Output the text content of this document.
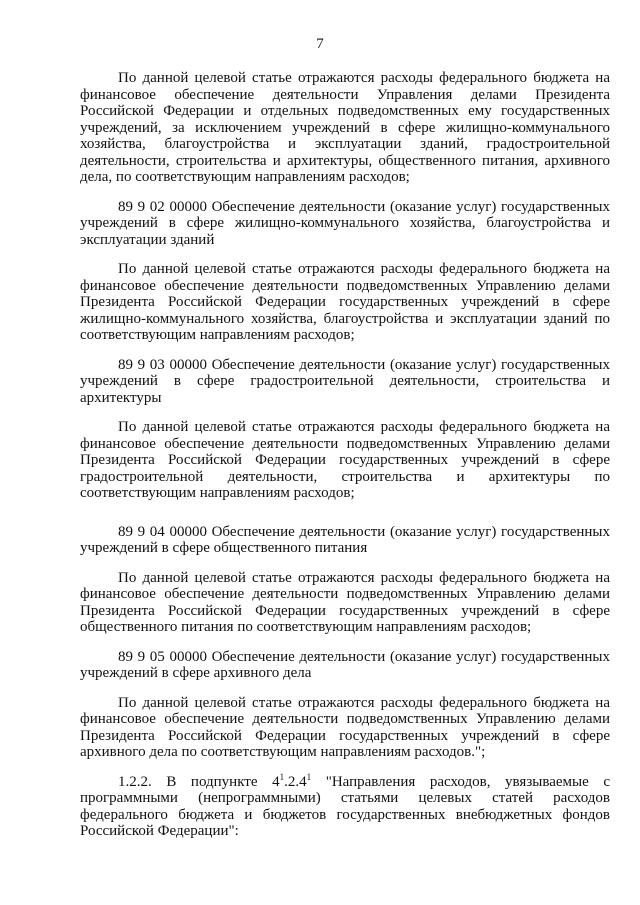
7

По данной целевой статье отражаются расходы федерального бюджета на финансовое обеспечение деятельности Управления делами Президента Российской Федерации и отдельных подведомственных ему государственных учреждений, за исключением учреждений в сфере жилищно-коммунального хозяйства, благоустройства и эксплуатации зданий, градостроительной деятельности, строительства и архитектуры, общественного питания, архивного дела, по соответствующим направлениям расходов;

89 9 02 00000 Обеспечение деятельности (оказание услуг) государственных учреждений в сфере жилищно-коммунального хозяйства, благоустройства и эксплуатации зданий

По данной целевой статье отражаются расходы федерального бюджета на финансовое обеспечение деятельности подведомственных Управлению делами Президента Российской Федерации государственных учреждений в сфере жилищно-коммунального хозяйства, благоустройства и эксплуатации зданий по соответствующим направлениям расходов;

89 9 03 00000 Обеспечение деятельности (оказание услуг) государственных учреждений в сфере градостроительной деятельности, строительства и архитектуры

По данной целевой статье отражаются расходы федерального бюджета на финансовое обеспечение деятельности подведомственных Управлению делами Президента Российской Федерации государственных учреждений в сфере градостроительной деятельности, строительства и архитектуры по соответствующим направлениям расходов;

89 9 04 00000 Обеспечение деятельности (оказание услуг) государственных учреждений в сфере общественного питания

По данной целевой статье отражаются расходы федерального бюджета на финансовое обеспечение деятельности подведомственных Управлению делами Президента Российской Федерации государственных учреждений в сфере общественного питания по соответствующим направлениям расходов;

89 9 05 00000 Обеспечение деятельности (оказание услуг) государственных учреждений в сфере архивного дела

По данной целевой статье отражаются расходы федерального бюджета на финансовое обеспечение деятельности подведомственных Управлению делами Президента Российской Федерации государственных учреждений в сфере архивного дела по соответствующим направлениям расходов.";

1.2.2. В подпункте $4^1.2.4^1$ "Направления расходов, увязываемые с программными (непрограммными) статьями целевых статей расходов федерального бюджета и бюджетов государственных внебюджетных фондов Российской Федерации":
